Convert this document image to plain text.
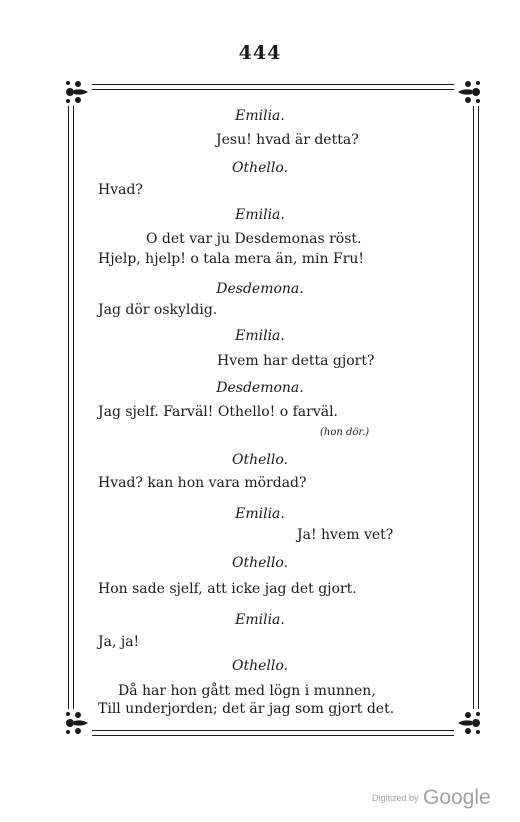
444
Emilia.
Jesu! hvad är detta?
Othello.
Hvad?
Emilia.
O det var ju Desdemonas röst.
Hjelp, hjelp! o tala mera än, min Fru!
Desdemona.
Jag dör oskyldig.
Emilia.
Hvem har detta gjort?
Desdemona.
Jag sjelf. Farväl! Othello! o farväl.
(hon dör.)
Othello.
Hvad? kan hon vara mördad?
Emilia.
Ja! hvem vet?
Othello.
Hon sade sjelf, att icke jag det gjort.
Emilia.
Ja, ja!
Othello.
Då har hon gått med lögn i munnen,
Till underjorden; det är jag som gjort det.
Digitized by Google
